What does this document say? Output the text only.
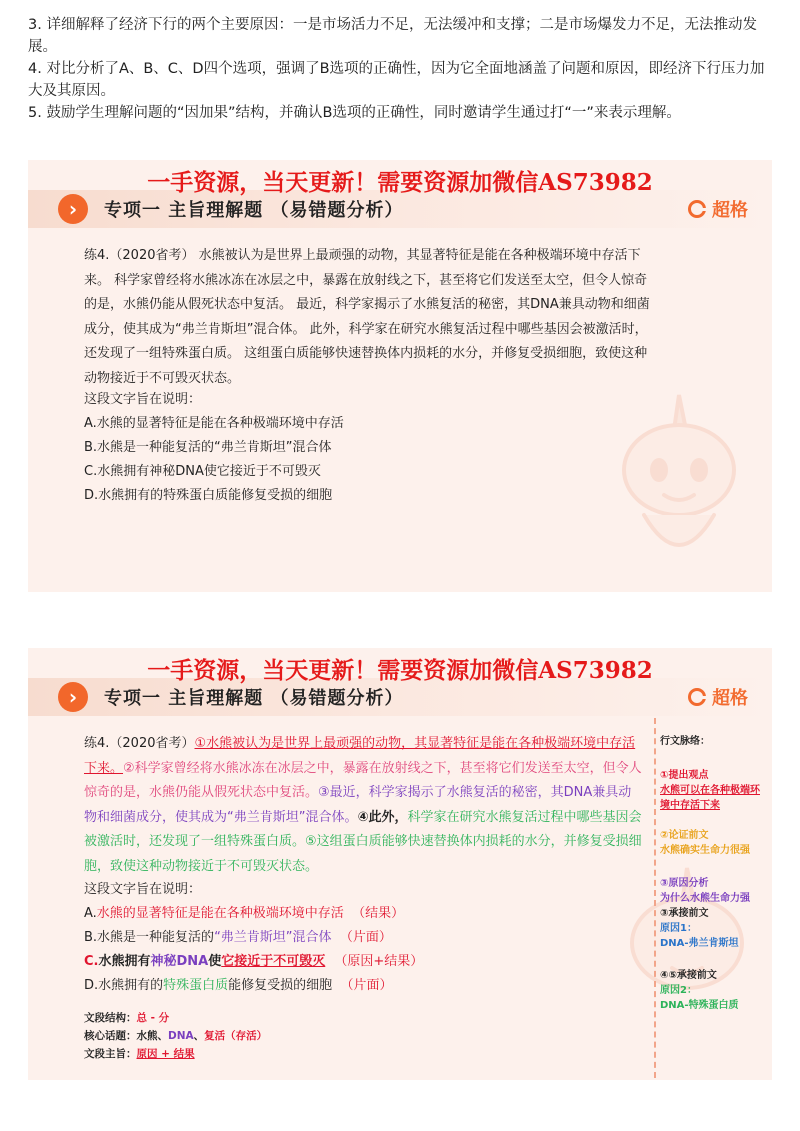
3. 详细解释了经济下行的两个主要原因：一是市场活力不足，无法缓冲和支撑；二是市场爆发力不足，无法推动发展。

4. 对比分析了A、B、C、D四个选项，强调了B选项的正确性，因为它全面地涵盖了问题和原因，即经济下行压力加大及其原因。

5. 鼓励学生理解问题的“因加果”结构，并确认B选项的正确性，同时邀请学生通过打“一”来表示理解。

一手资源，当天更新！需要资源加微信AS73982
›	专项一 主旨理解题 （易错题分析）	超格
练4.（2020省考） 水熊被认为是世界上最顽强的动物，其显著特征是能在各种极端环境中存活下来。 科学家曾经将水熊冰冻在冰层之中，暴露在放射线之下，甚至将它们发送至太空，但令人惊奇的是，水熊仍能从假死状态中复活。 最近，科学家揭示了水熊复活的秘密，其DNA兼具动物和细菌成分，使其成为“弗兰肯斯坦”混合体。 此外，科学家在研究水熊复活过程中哪些基因会被激活时，还发现了一组特殊蛋白质。 这组蛋白质能够快速替换体内损耗的水分，并修复受损细胞，致使这种动物接近于不可毁灭状态。
这段文字旨在说明：
A.水熊的显著特征是能在各种极端环境中存活
B.水熊是一种能复活的“弗兰肯斯坦”混合体
C.水熊拥有神秘DNA使它接近于不可毁灭
D.水熊拥有的特殊蛋白质能修复受损的细胞
一手资源，当天更新！需要资源加微信AS73982
›	专项一 主旨理解题 （易错题分析）	超格
练4.（2020省考）①水熊被认为是世界上最顽强的动物，其显著特征是能在各种极端环境中存活下来。②科学家曾经将水熊冰冻在冰层之中，暴露在放射线之下，甚至将它们发送至太空，但令人惊奇的是，水熊仍能从假死状态中复活。③最近，科学家揭示了水熊复活的秘密，其DNA兼具动物和细菌成分，使其成为“弗兰肯斯坦”混合体。④此外，科学家在研究水熊复活过程中哪些基因会被激活时，还发现了一组特殊蛋白质。⑤这组蛋白质能够快速替换体内损耗的水分，并修复受损细胞，致使这种动物接近于不可毁灭状态。
这段文字旨在说明：
A.水熊的显著特征是能在各种极端环境中存活 （结果）
B.水熊是一种能复活的“弗兰肯斯坦”混合体 （片面）
C.水熊拥有神秘DNA使它接近于不可毁灭 （原因+结果）
D.水熊拥有的特殊蛋白质能修复受损的细胞 （片面）
文段结构：总 - 分
核心话题：水熊、DNA、复活（存活）
文段主旨：原因 + 结果
行文脉络：
①提出观点
水熊可以在各种极端环境中存活下来
②论证前文
水熊确实生命力很强
③原因分析
为什么水熊生命力强
③承接前文
原因1：
DNA-弗兰肯斯坦
④⑤承接前文
原因2：
DNA-特殊蛋白质
